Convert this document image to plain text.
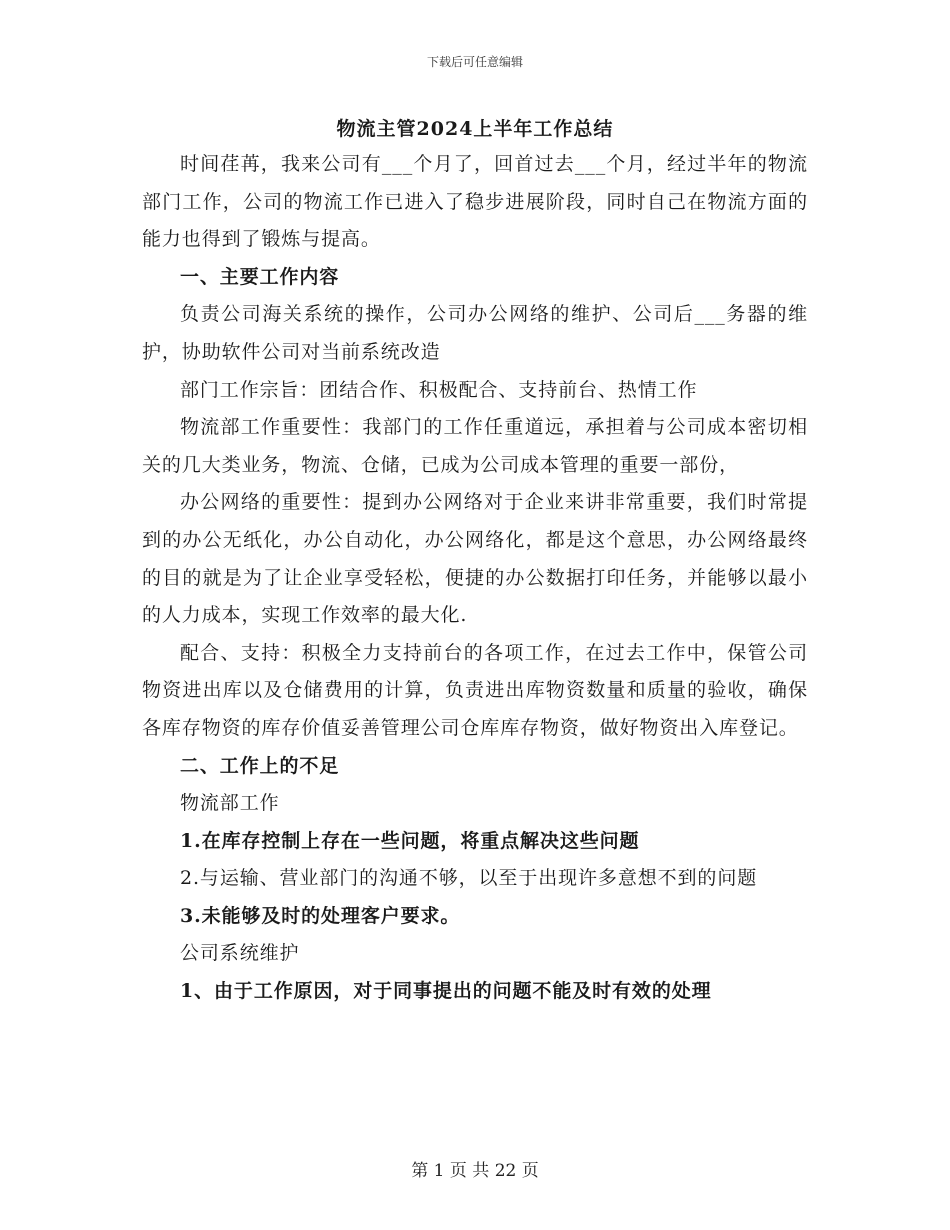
下载后可任意编辑
物流主管2024上半年工作总结

时间荏苒，我来公司有___个月了，回首过去___个月，经过半年的物流部门工作，公司的物流工作已进入了稳步进展阶段，同时自己在物流方面的能力也得到了锻炼与提高。

一、主要工作内容

负责公司海关系统的操作，公司办公网络的维护、公司后___务器的维护，协助软件公司对当前系统改造

部门工作宗旨：团结合作、积极配合、支持前台、热情工作

物流部工作重要性：我部门的工作任重道远，承担着与公司成本密切相关的几大类业务，物流、仓储，已成为公司成本管理的重要一部份，

办公网络的重要性：提到办公网络对于企业来讲非常重要，我们时常提到的办公无纸化，办公自动化，办公网络化，都是这个意思，办公网络最终的目的就是为了让企业享受轻松，便捷的办公数据打印任务，并能够以最小的人力成本，实现工作效率的最大化.

配合、支持：积极全力支持前台的各项工作，在过去工作中，保管公司物资进出库以及仓储费用的计算，负责进出库物资数量和质量的验收，确保各库存物资的库存价值妥善管理公司仓库库存物资，做好物资出入库登记。

二、工作上的不足

物流部工作

1.在库存控制上存在一些问题，将重点解决这些问题

2.与运输、营业部门的沟通不够，以至于出现许多意想不到的问题

3.未能够及时的处理客户要求。

公司系统维护

1、由于工作原因，对于同事提出的问题不能及时有效的处理

第 1 页 共 22 页
